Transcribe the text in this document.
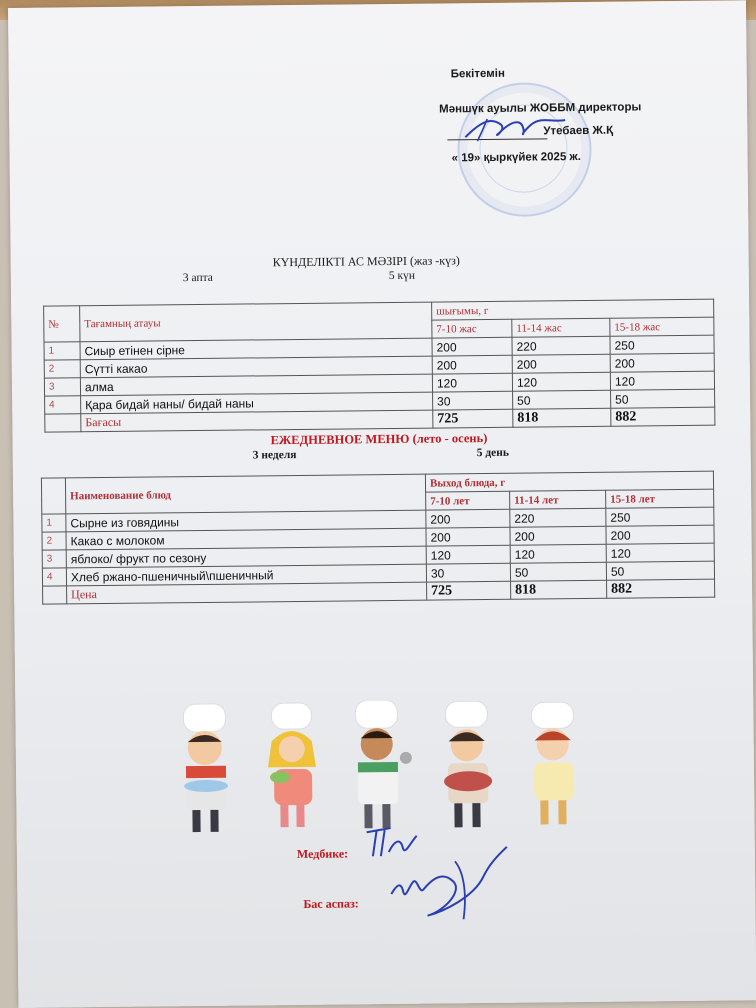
Бекітемін
Мәншүк ауылы ЖОББМ директоры
Утебаев Ж.Қ
« 19» қыркүйек 2025 ж.
КҮНДЕЛІКТІ АС МӘЗІРІ (жаз -күз)
3 апта	5 күн
№	Тағамның атауы	шығымы, г		
		7-10 жас	11-14 жас	15-18 жас
1	Сиыр етінен сірне	200	220	250
2	Сүтті какао	200	200	200
3	алма	120	120	120
4	Қара бидай наны/ бидай наны	30	50	50
	Бағасы	725	818	882
ЕЖЕДНЕВНОЕ МЕНЮ (лето - осень)
3 неделя	5 день
	Наименование блюд	Выход блюда, г		
		7-10 лет	11-14 лет	15-18 лет
1	Сырне из говядины	200	220	250
2	Какао с молоком	200	200	200
3	яблоко/ фрукт по сезону	120	120	120
4	Хлеб ржано-пшеничный\пшеничный	30	50	50
	Цена	725	818	882
Медбике:
Бас аспаз:
